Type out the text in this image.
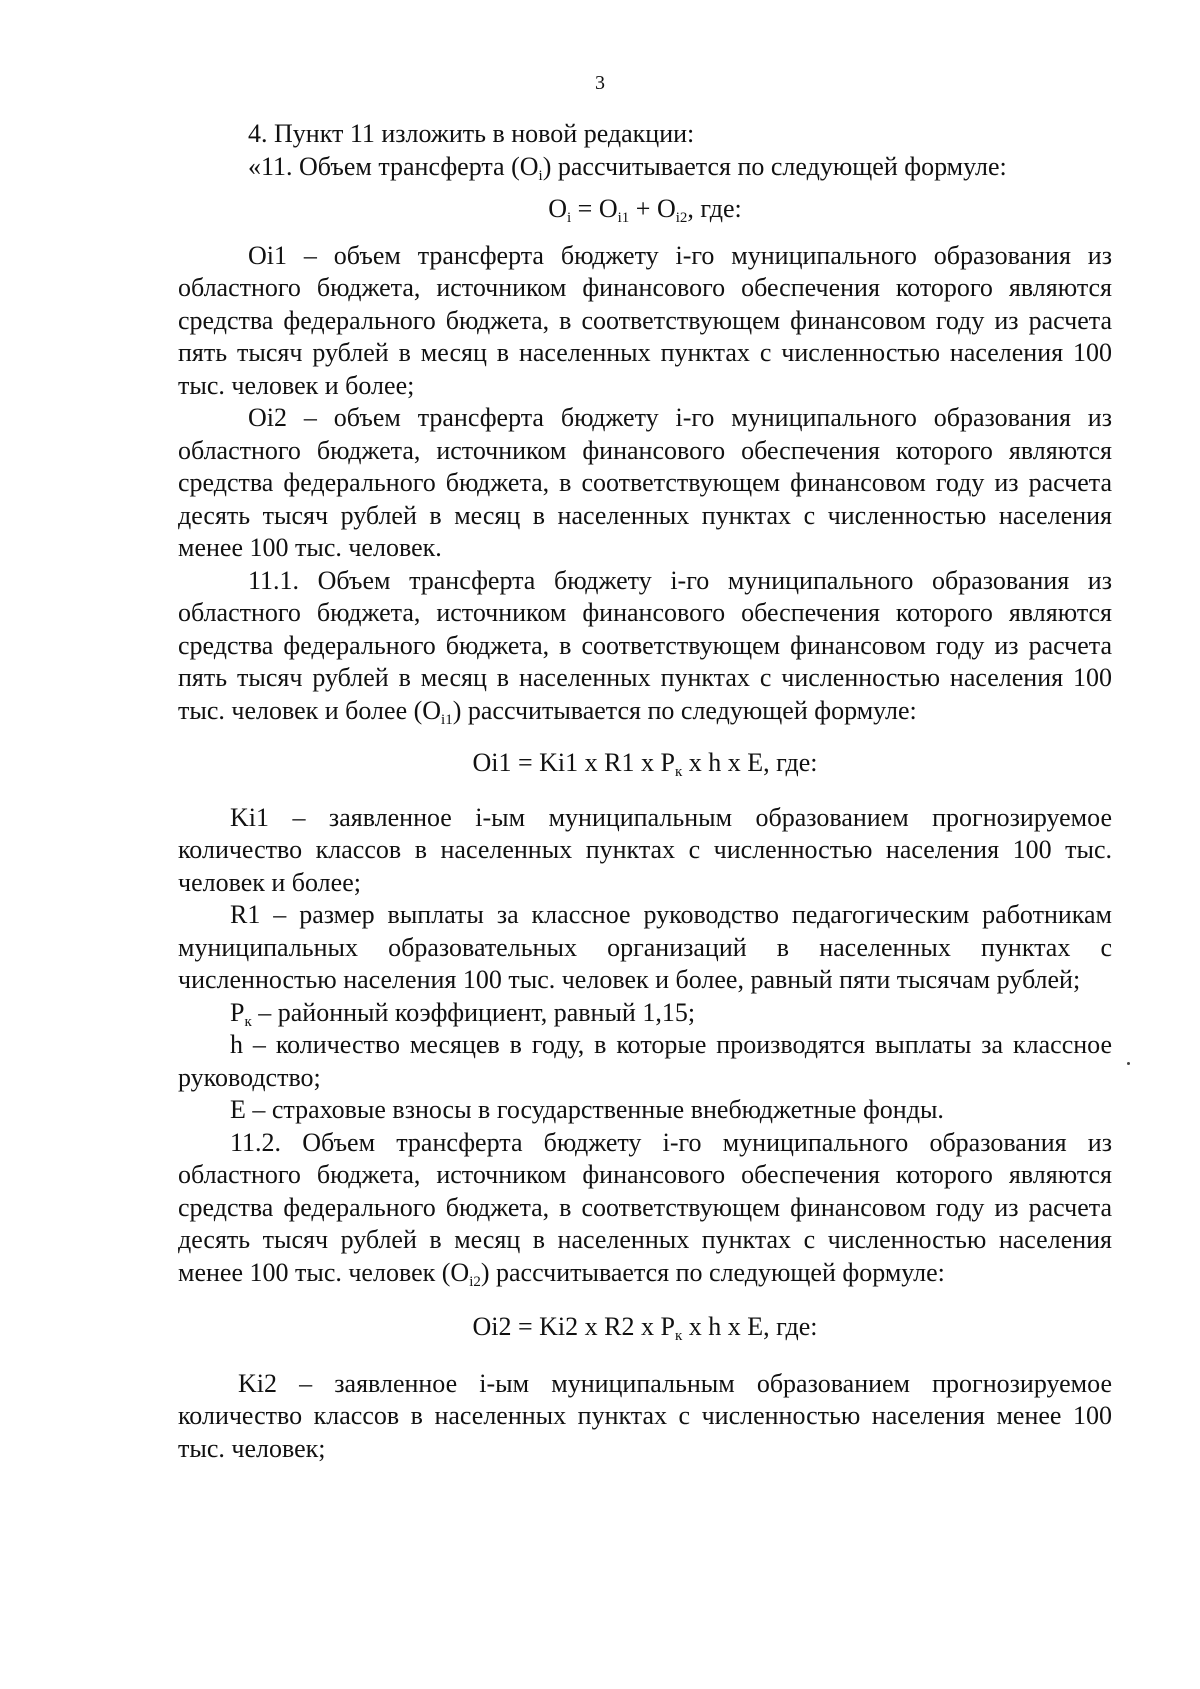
3

4. Пункт 11 изложить в новой редакции:

«11. Объем трансферта $(O_i)$ рассчитывается по следующей формуле:

$O_i = O_{i1} + O_{i2}$, где:

Oi1 – объем трансферта бюджету i-го муниципального образования из областного бюджета, источником финансового обеспечения которого являются средства федерального бюджета, в соответствующем финансовом году из расчета пять тысяч рублей в месяц в населенных пунктах с численностью населения 100 тыс. человек и более;

Oi2 – объем трансферта бюджету i-го муниципального образования из областного бюджета, источником финансового обеспечения которого являются средства федерального бюджета, в соответствующем финансовом году из расчета десять тысяч рублей в месяц в населенных пунктах с численностью населения менее 100 тыс. человек.

11.1. Объем трансферта бюджету i-го муниципального образования из областного бюджета, источником финансового обеспечения которого являются средства федерального бюджета, в соответствующем финансовом году из расчета пять тысяч рублей в месяц в населенных пунктах с численностью населения 100 тыс. человек и более $(O_{i1})$ рассчитывается по следующей формуле:

Oi1 = Ki1 x R1 x $P_к$ x h x E, где:

Ki1 – заявленное i-ым муниципальным образованием прогнозируемое количество классов в населенных пунктах с численностью населения 100 тыс. человек и более;

R1 – размер выплаты за классное руководство педагогическим работникам муниципальных образовательных организаций в населенных пунктах с численностью населения 100 тыс. человек и более, равный пяти тысячам рублей;

$P_к$ – районный коэффициент, равный 1,15;

h – количество месяцев в году, в которые производятся выплаты за классное руководство;

E – страховые взносы в государственные внебюджетные фонды.

11.2. Объем трансферта бюджету i-го муниципального образования из областного бюджета, источником финансового обеспечения которого являются средства федерального бюджета, в соответствующем финансовом году из расчета десять тысяч рублей в месяц в населенных пунктах с численностью населения менее 100 тыс. человек $(O_{i2})$ рассчитывается по следующей формуле:

Oi2 = Ki2 x R2 x $P_к$ x h x E, где:

Ki2 – заявленное i-ым муниципальным образованием прогнозируемое количество классов в населенных пунктах с численностью населения менее 100 тыс. человек;
